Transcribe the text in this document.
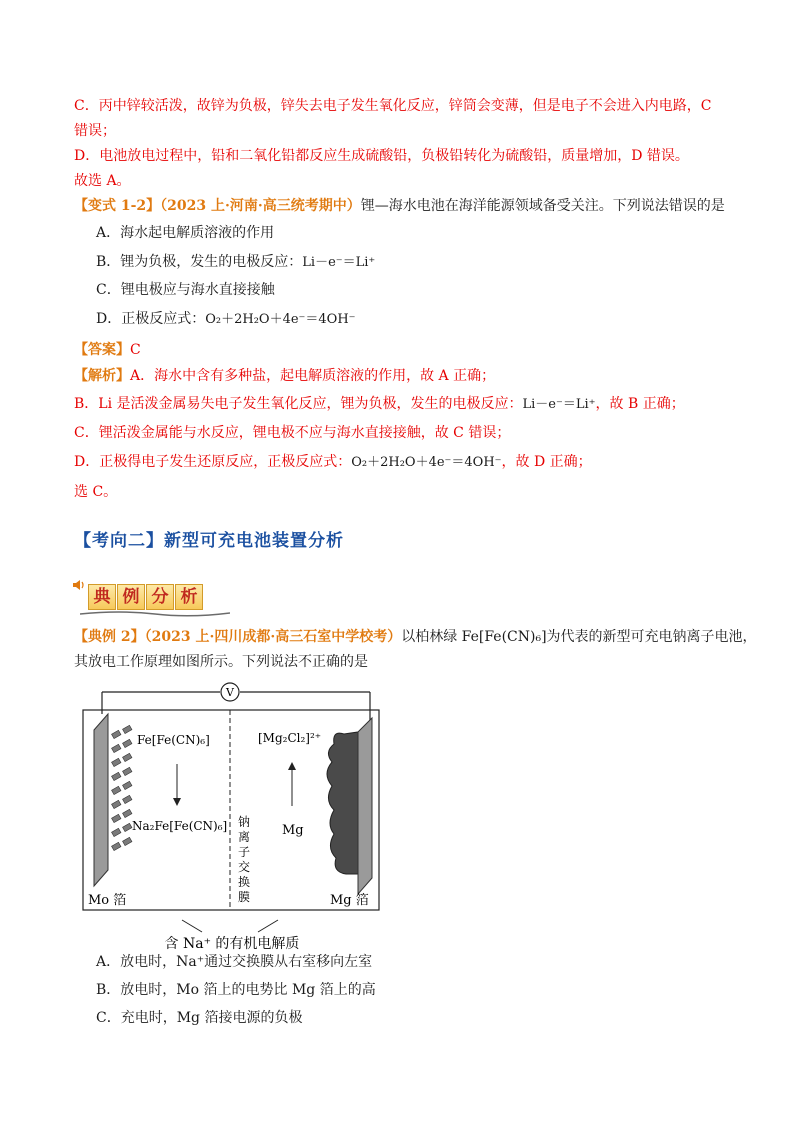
C．丙中锌较活泼，故锌为负极，锌失去电子发生氧化反应，锌筒会变薄，但是电子不会进入内电路，C
错误；
D．电池放电过程中，铅和二氧化铅都反应生成硫酸铅，负极铅转化为硫酸铅，质量增加，D 错误。
故选 A。
【变式 1-2】（2023 上·河南·高三统考期中）锂—海水电池在海洋能源领域备受关注。下列说法错误的是
A．海水起电解质溶液的作用
B．锂为负极，发生的电极反应：Li－e⁻＝Li⁺
C．锂电极应与海水直接接触
D．正极反应式：O₂＋2H₂O＋4e⁻＝4OH⁻
【答案】C
【解析】A．海水中含有多种盐，起电解质溶液的作用，故 A 正确；
B．Li 是活泼金属易失电子发生氧化反应，锂为负极，发生的电极反应：Li－e⁻＝Li⁺，故 B 正确；
C．锂活泼金属能与水反应，锂电极不应与海水直接接触，故 C 错误；
D．正极得电子发生还原反应，正极反应式：O₂＋2H₂O＋4e⁻＝4OH⁻，故 D 正确；
选 C。
【考向二】新型可充电池装置分析
典 例 分 析
【典例 2】（2023 上·四川成都·高三石室中学校考）以柏林绿 Fe[Fe(CN)₆]为代表的新型可充电钠离子电池，
其放电工作原理如图所示。下列说法不正确的是
V
Fe[Fe(CN)₆]
Na₂Fe[Fe(CN)₆] 钠
离
子
交
换
膜
[Mg₂Cl₂]²⁺
Mg
Mo 箔	Mg 箔
含 Na⁺ 的有机电解质
A．放电时，Na⁺通过交换膜从右室移向左室
B．放电时，Mo 箔上的电势比 Mg 箔上的高
C．充电时，Mg 箔接电源的负极
